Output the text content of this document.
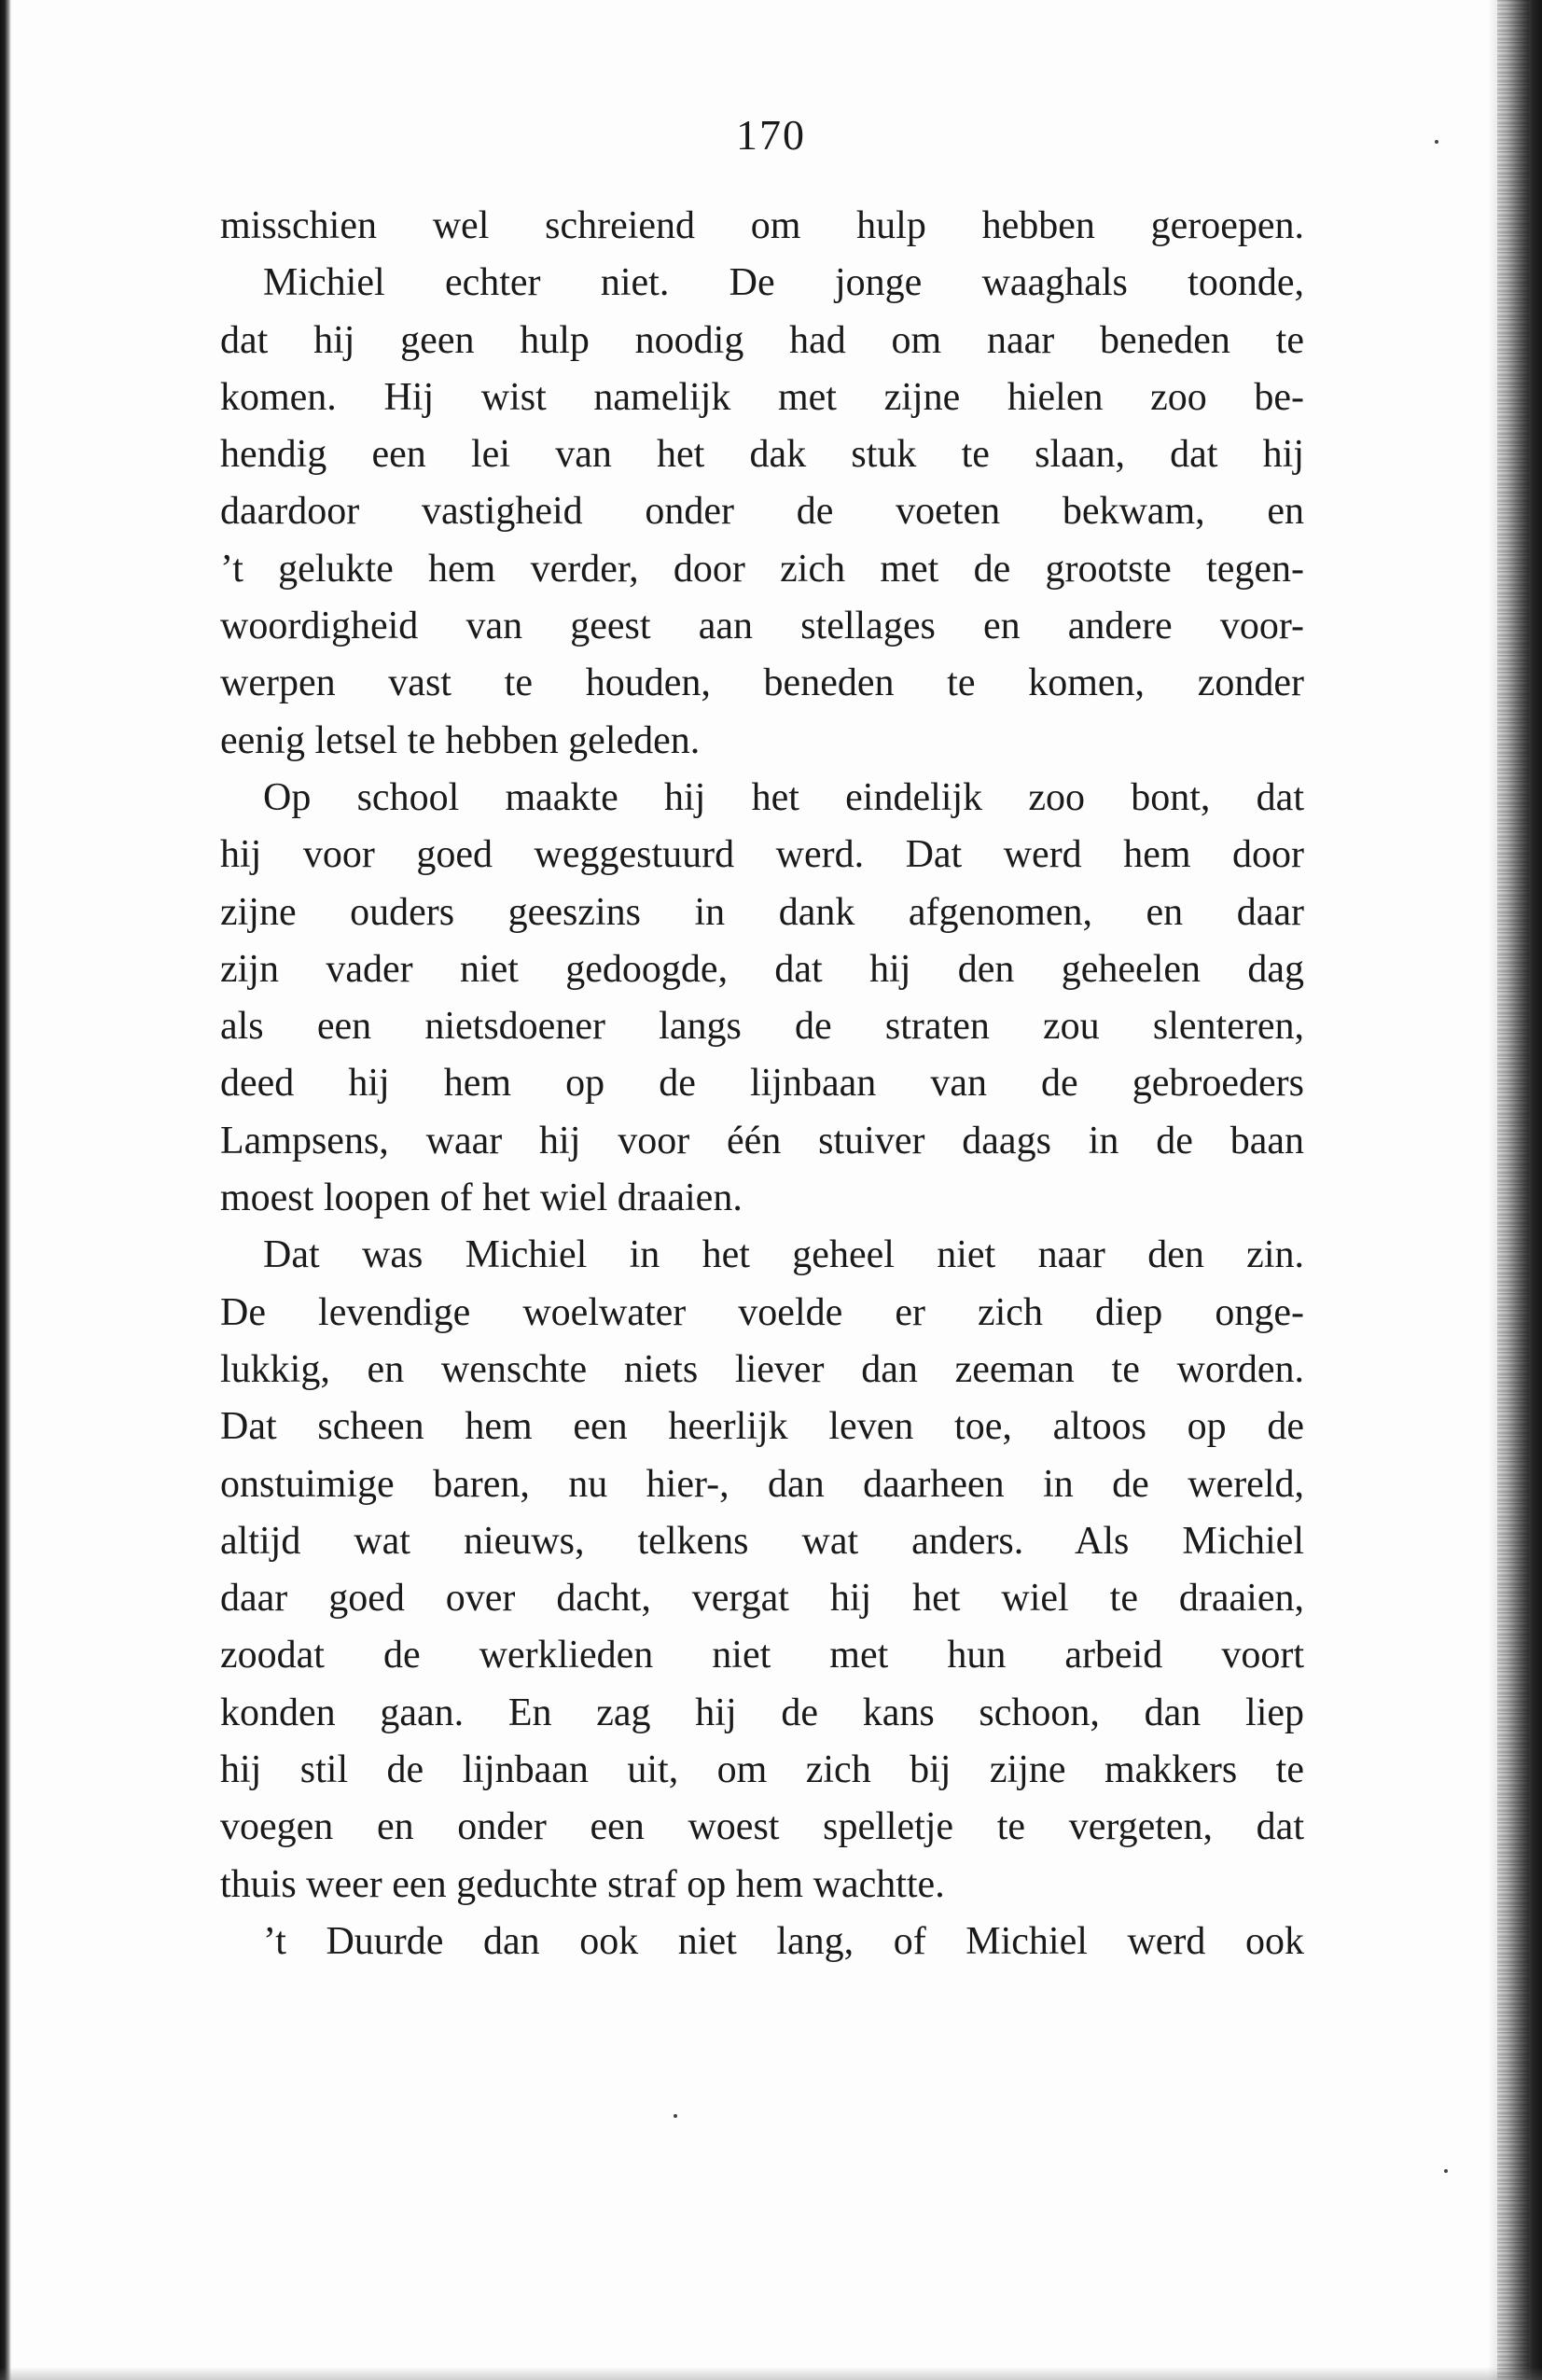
170
misschien wel schreiend om hulp hebben geroepen.
Michiel echter niet. De jonge waaghals toonde,
dat hij geen hulp noodig had om naar beneden te
komen. Hij wist namelijk met zijne hielen zoo be-
hendig een lei van het dak stuk te slaan, dat hij
daardoor vastigheid onder de voeten bekwam, en
’t gelukte hem verder, door zich met de grootste tegen-
woordigheid van geest aan stellages en andere voor-
werpen vast te houden, beneden te komen, zonder
eenig letsel te hebben geleden.
Op school maakte hij het eindelijk zoo bont, dat
hij voor goed weggestuurd werd. Dat werd hem door
zijne ouders geeszins in dank afgenomen, en daar
zijn vader niet gedoogde, dat hij den geheelen dag
als een nietsdoener langs de straten zou slenteren,
deed hij hem op de lijnbaan van de gebroeders
Lampsens, waar hij voor één stuiver daags in de baan
moest loopen of het wiel draaien.
Dat was Michiel in het geheel niet naar den zin.
De levendige woelwater voelde er zich diep onge-
lukkig, en wenschte niets liever dan zeeman te worden.
Dat scheen hem een heerlijk leven toe, altoos op de
onstuimige baren, nu hier-, dan daarheen in de wereld,
altijd wat nieuws, telkens wat anders. Als Michiel
daar goed over dacht, vergat hij het wiel te draaien,
zoodat de werklieden niet met hun arbeid voort
konden gaan. En zag hij de kans schoon, dan liep
hij stil de lijnbaan uit, om zich bij zijne makkers te
voegen en onder een woest spelletje te vergeten, dat
thuis weer een geduchte straf op hem wachtte.
’t Duurde dan ook niet lang, of Michiel werd ook
